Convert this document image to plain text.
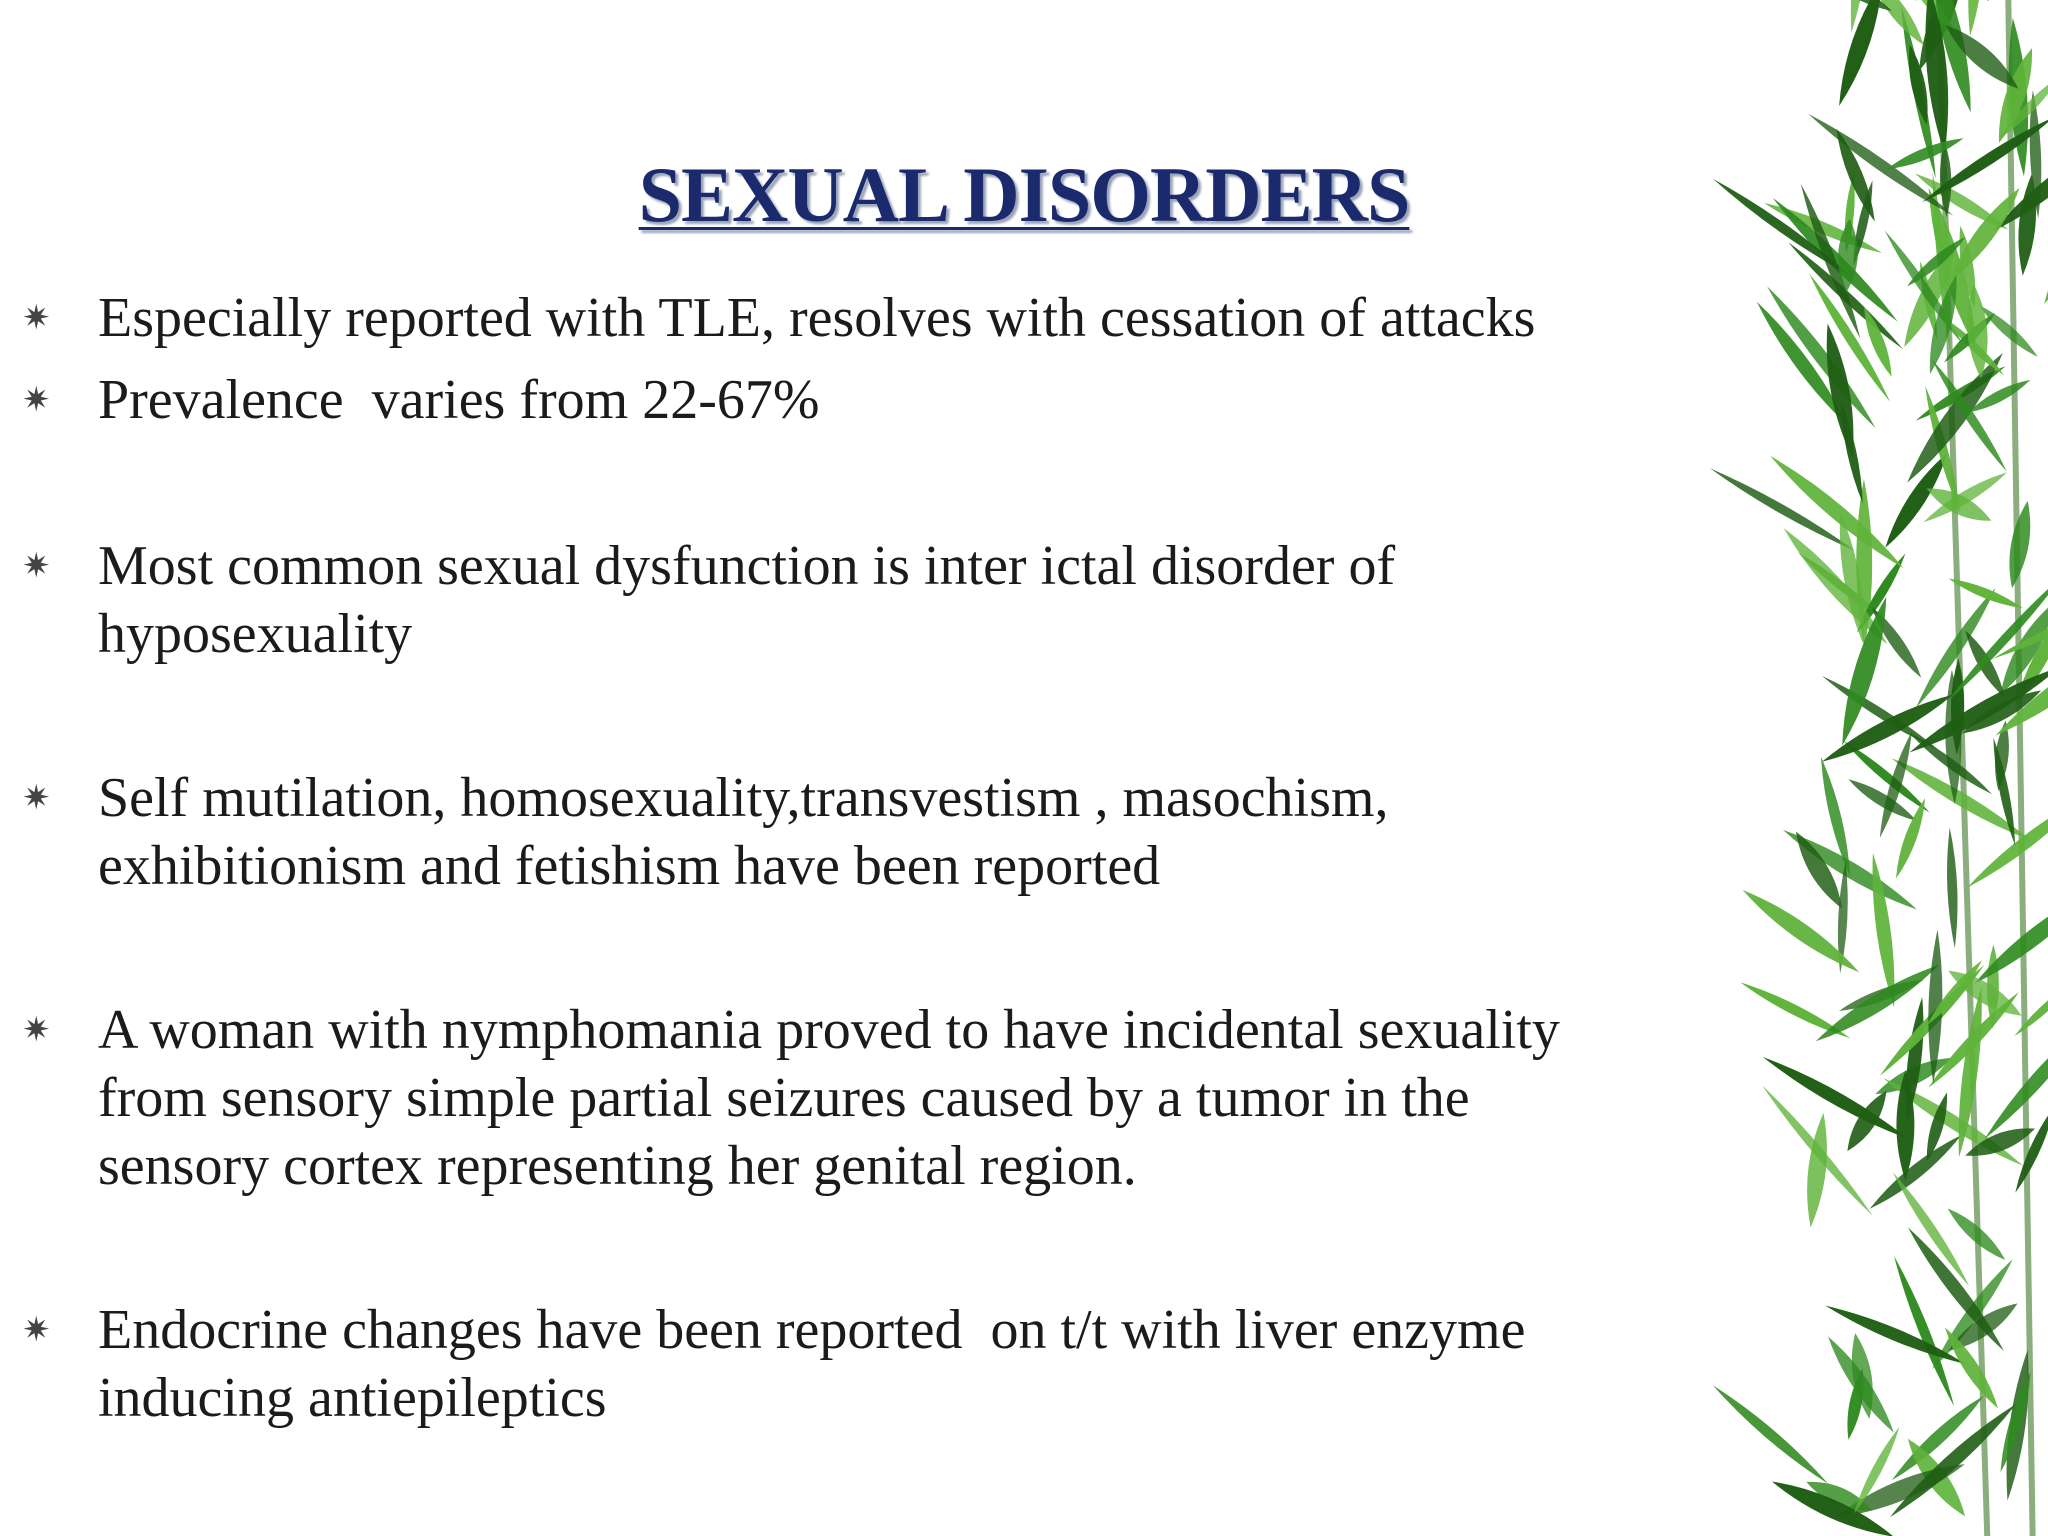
SEXUAL DISORDERS
✷ Especially reported with TLE, resolves with cessation of attacks
✷ Prevalence  varies from 22-67%
✷ Most common sexual dysfunction is inter ictal disorder of
hyposexuality
✷ Self mutilation, homosexuality,transvestism , masochism,
exhibitionism and fetishism have been reported
✷ A woman with nymphomania proved to have incidental sexuality
from sensory simple partial seizures caused by a tumor in the
sensory cortex representing her genital region.
✷ Endocrine changes have been reported  on t/t with liver enzyme
inducing antiepileptics
